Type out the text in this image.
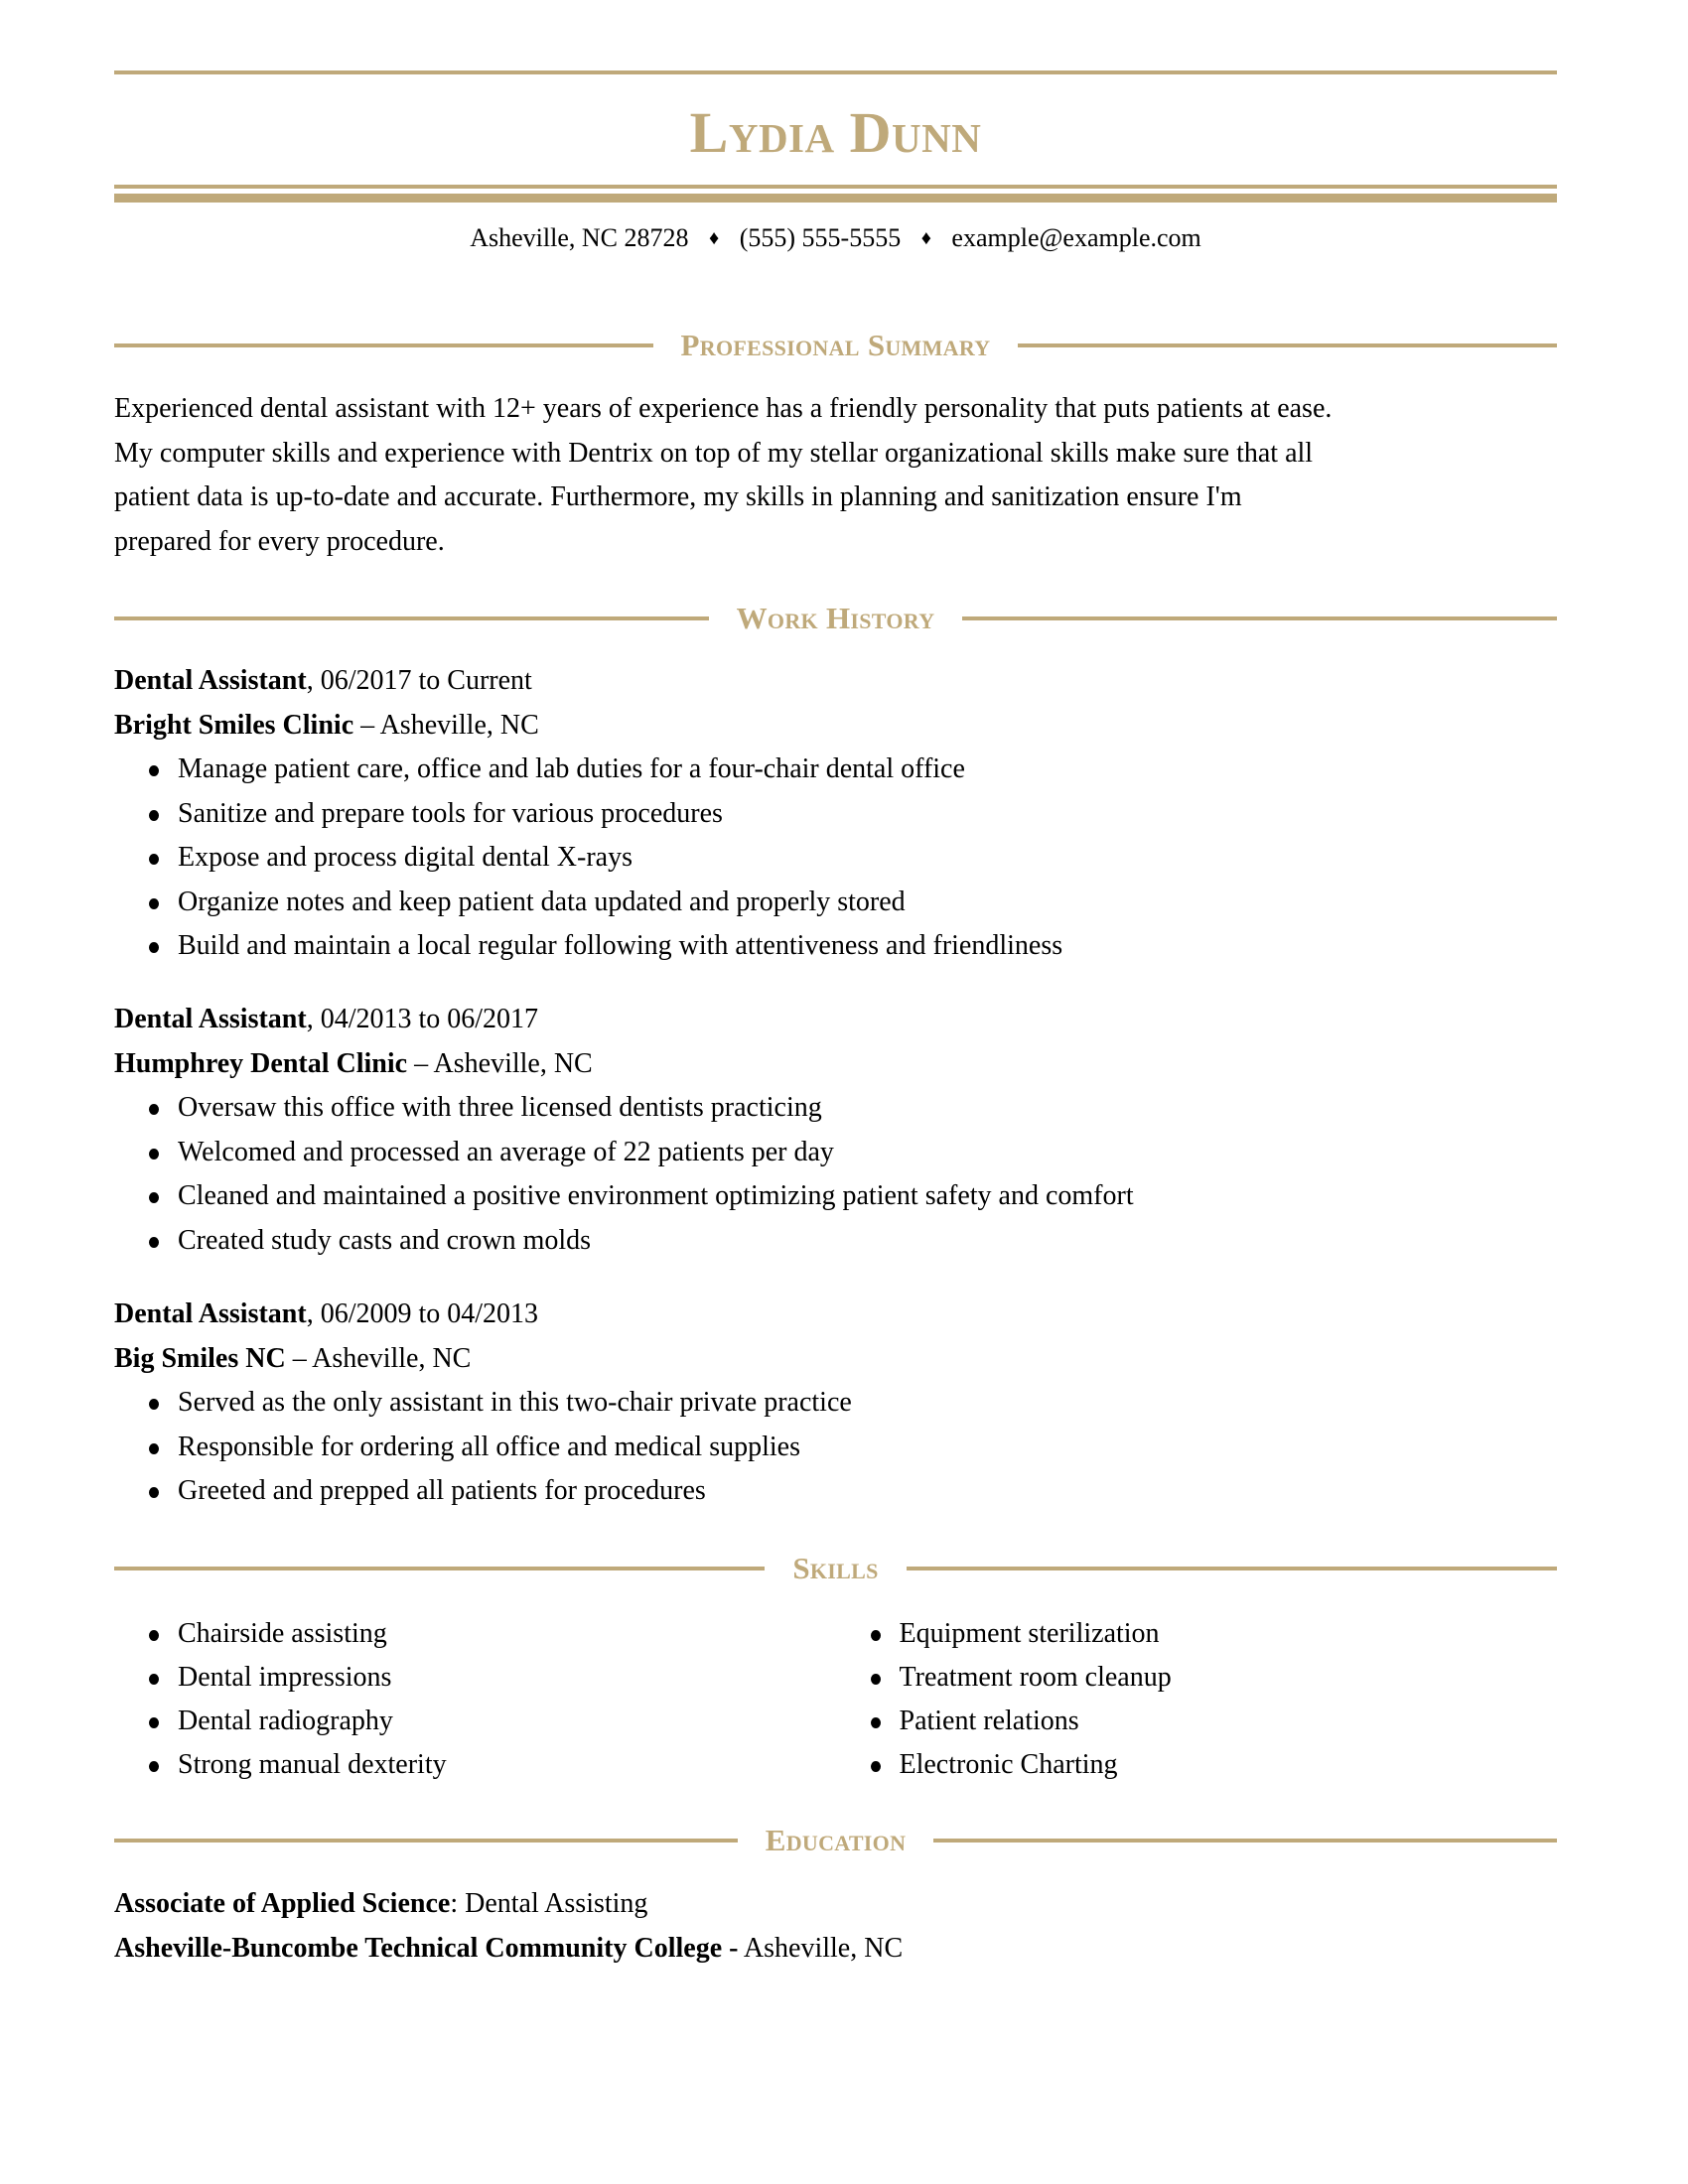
Lydia Dunn
Asheville, NC 28728 ♦ (555) 555-5555 ♦ example@example.com
Professional Summary
Experienced dental assistant with 12+ years of experience has a friendly personality that puts patients at ease.
My computer skills and experience with Dentrix on top of my stellar organizational skills make sure that all
patient data is up-to-date and accurate. Furthermore, my skills in planning and sanitization ensure I'm
prepared for every procedure.
Work History
Dental Assistant, 06/2017 to Current
Bright Smiles Clinic – Asheville, NC
Manage patient care, office and lab duties for a four-chair dental office
Sanitize and prepare tools for various procedures
Expose and process digital dental X-rays
Organize notes and keep patient data updated and properly stored
Build and maintain a local regular following with attentiveness and friendliness
Dental Assistant, 04/2013 to 06/2017
Humphrey Dental Clinic – Asheville, NC
Oversaw this office with three licensed dentists practicing
Welcomed and processed an average of 22 patients per day
Cleaned and maintained a positive environment optimizing patient safety and comfort
Created study casts and crown molds
Dental Assistant, 06/2009 to 04/2013
Big Smiles NC – Asheville, NC
Served as the only assistant in this two-chair private practice
Responsible for ordering all office and medical supplies
Greeted and prepped all patients for procedures
Skills
Chairside assisting
Dental impressions
Dental radiography
Strong manual dexterity
Equipment sterilization
Treatment room cleanup
Patient relations
Electronic Charting
Education
Associate of Applied Science: Dental Assisting
Asheville-Buncombe Technical Community College - Asheville, NC
